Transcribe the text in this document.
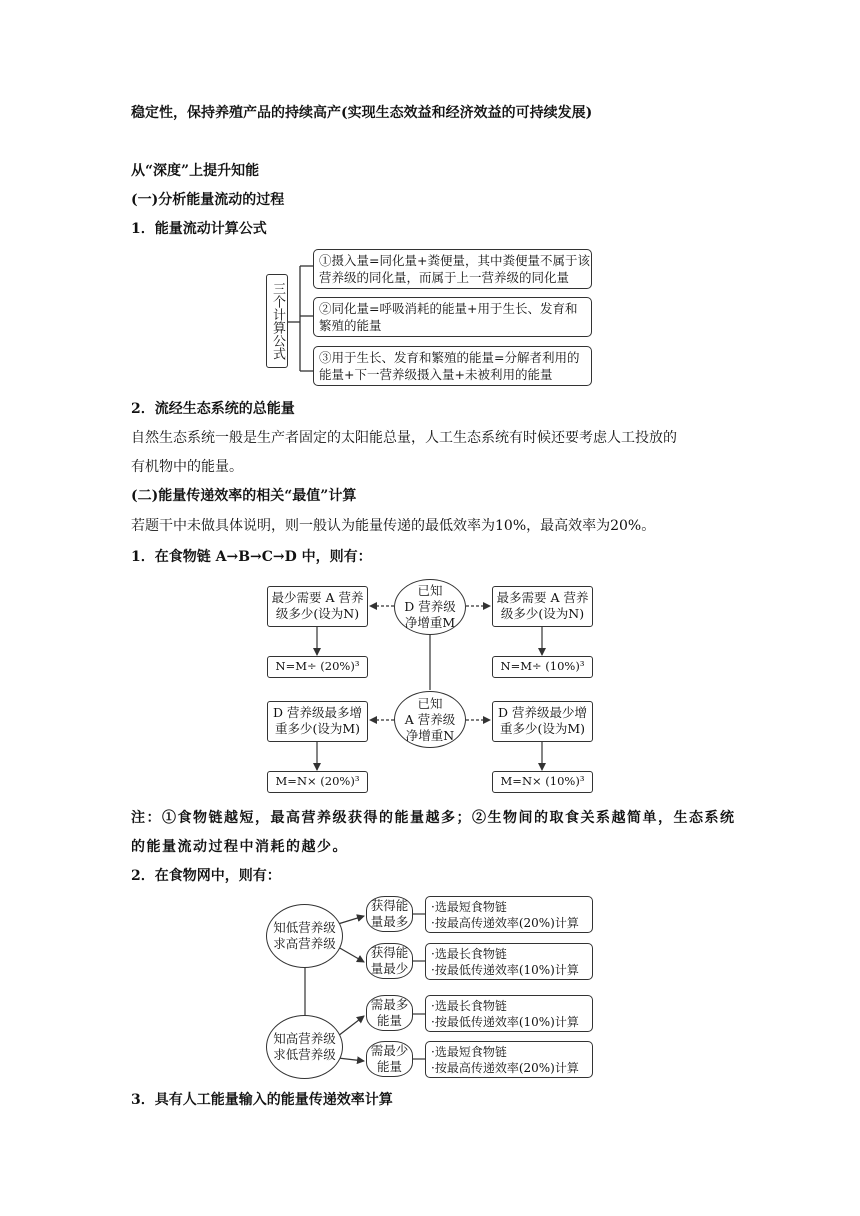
稳定性，保持养殖产品的持续高产(实现生态效益和经济效益的可持续发展)
从“深度”上提升知能
(一)分析能量流动的过程
1．能量流动计算公式
三个计算公式
①摄入量=同化量+粪便量，其中粪便量不属于该
营养级的同化量，而属于上一营养级的同化量
②同化量=呼吸消耗的能量+用于生长、发育和
繁殖的能量
③用于生长、发育和繁殖的能量=分解者利用的
能量+下一营养级摄入量+未被利用的能量
2．流经生态系统的总能量
自然生态系统一般是生产者固定的太阳能总量，人工生态系统有时候还要考虑人工投放的
有机物中的能量。
(二)能量传递效率的相关“最值”计算
若题干中未做具体说明，则一般认为能量传递的最低效率为10%，最高效率为20%。
1．在食物链 A→B→C→D 中，则有：
已知
D 营养级
净增重M
最少需要 A 营养
级多少(设为N)
最多需要 A 营养
级多少(设为N)
N=M÷ (20%)³	N=M÷ (10%)³
已知
A 营养级
净增重N
D 营养级最多增
重多少(设为M)
D 营养级最少增
重多少(设为M)
M=N× (20%)³	M=N× (10%)³
注：①食物链越短，最高营养级获得的能量越多；②生物间的取食关系越简单，生态系统
的能量流动过程中消耗的越少。
2．在食物网中，则有：
知低营养级
求高营养级
知高营养级
求低营养级
获得能
量最多
·选最短食物链
·按最高传递效率(20%)计算
获得能
量最少
·选最长食物链
·按最低传递效率(10%)计算
需最多
能量
·选最长食物链
·按最低传递效率(10%)计算
需最少
能量
·选最短食物链
·按最高传递效率(20%)计算
3．具有人工能量输入的能量传递效率计算
